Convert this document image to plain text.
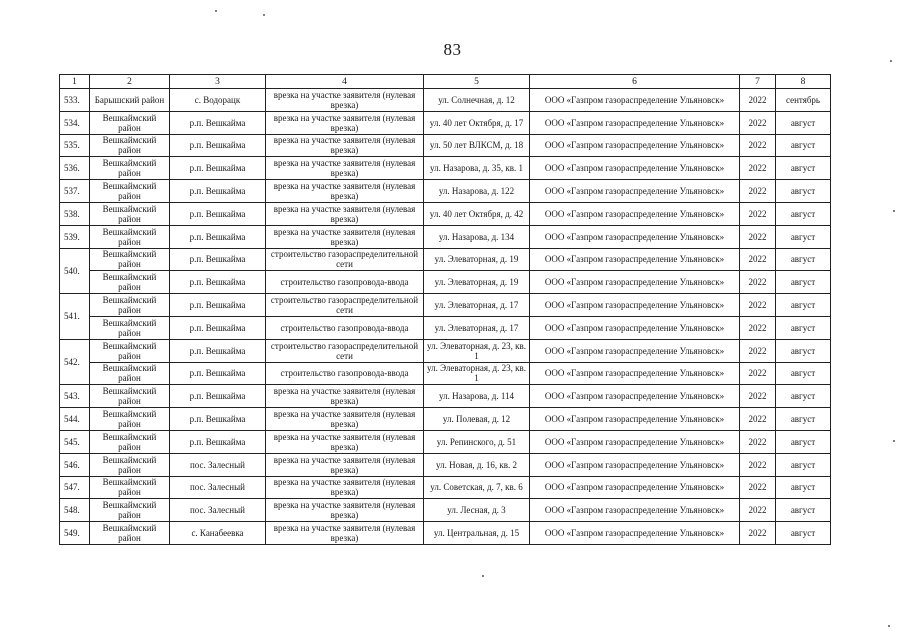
83
1	2	3	4	5	6	7	8
533.	Барышский район	с. Водорацк	врезка на участке заявителя (нулевая врезка)	ул. Солнечная, д. 12	ООО «Газпром газораспределение Ульяновск»	2022	сентябрь
534.	Вешкаймский район	р.п. Вешкайма	врезка на участке заявителя (нулевая врезка)	ул. 40 лет Октября, д. 17	ООО «Газпром газораспределение Ульяновск»	2022	август
535.	Вешкаймский район	р.п. Вешкайма	врезка на участке заявителя (нулевая врезка)	ул. 50 лет ВЛКСМ, д. 18	ООО «Газпром газораспределение Ульяновск»	2022	август
536.	Вешкаймский район	р.п. Вешкайма	врезка на участке заявителя (нулевая врезка)	ул. Назарова, д. 35, кв. 1	ООО «Газпром газораспределение Ульяновск»	2022	август
537.	Вешкаймский район	р.п. Вешкайма	врезка на участке заявителя (нулевая врезка)	ул. Назарова, д. 122	ООО «Газпром газораспределение Ульяновск»	2022	август
538.	Вешкаймский район	р.п. Вешкайма	врезка на участке заявителя (нулевая врезка)	ул. 40 лет Октября, д. 42	ООО «Газпром газораспределение Ульяновск»	2022	август
539.	Вешкаймский район	р.п. Вешкайма	врезка на участке заявителя (нулевая врезка)	ул. Назарова, д. 134	ООО «Газпром газораспределение Ульяновск»	2022	август
540.	Вешкаймский район	р.п. Вешкайма	строительство газораспределительной сети	ул. Элеваторная, д. 19	ООО «Газпром газораспределение Ульяновск»	2022	август
	Вешкаймский район	р.п. Вешкайма	строительство газопровода-ввода	ул. Элеваторная, д. 19	ООО «Газпром газораспределение Ульяновск»	2022	август
541.	Вешкаймский район	р.п. Вешкайма	строительство газораспределительной сети	ул. Элеваторная, д. 17	ООО «Газпром газораспределение Ульяновск»	2022	август
	Вешкаймский район	р.п. Вешкайма	строительство газопровода-ввода	ул. Элеваторная, д. 17	ООО «Газпром газораспределение Ульяновск»	2022	август
542.	Вешкаймский район	р.п. Вешкайма	строительство газораспределительной сети	ул. Элеваторная, д. 23, кв. 1	ООО «Газпром газораспределение Ульяновск»	2022	август
	Вешкаймский район	р.п. Вешкайма	строительство газопровода-ввода	ул. Элеваторная, д. 23, кв. 1	ООО «Газпром газораспределение Ульяновск»	2022	август
543.	Вешкаймский район	р.п. Вешкайма	врезка на участке заявителя (нулевая врезка)	ул. Назарова, д. 114	ООО «Газпром газораспределение Ульяновск»	2022	август
544.	Вешкаймский район	р.п. Вешкайма	врезка на участке заявителя (нулевая врезка)	ул. Полевая, д. 12	ООО «Газпром газораспределение Ульяновск»	2022	август
545.	Вешкаймский район	р.п. Вешкайма	врезка на участке заявителя (нулевая врезка)	ул. Репинского, д. 51	ООО «Газпром газораспределение Ульяновск»	2022	август
546.	Вешкаймский район	пос. Залесный	врезка на участке заявителя (нулевая врезка)	ул. Новая, д. 16, кв. 2	ООО «Газпром газораспределение Ульяновск»	2022	август
547.	Вешкаймский район	пос. Залесный	врезка на участке заявителя (нулевая врезка)	ул. Советская, д. 7, кв. 6	ООО «Газпром газораспределение Ульяновск»	2022	август
548.	Вешкаймский район	пос. Залесный	врезка на участке заявителя (нулевая врезка)	ул. Лесная, д. 3	ООО «Газпром газораспределение Ульяновск»	2022	август
549.	Вешкаймский район	с. Канабеевка	врезка на участке заявителя (нулевая врезка)	ул. Центральная, д. 15	ООО «Газпром газораспределение Ульяновск»	2022	август
